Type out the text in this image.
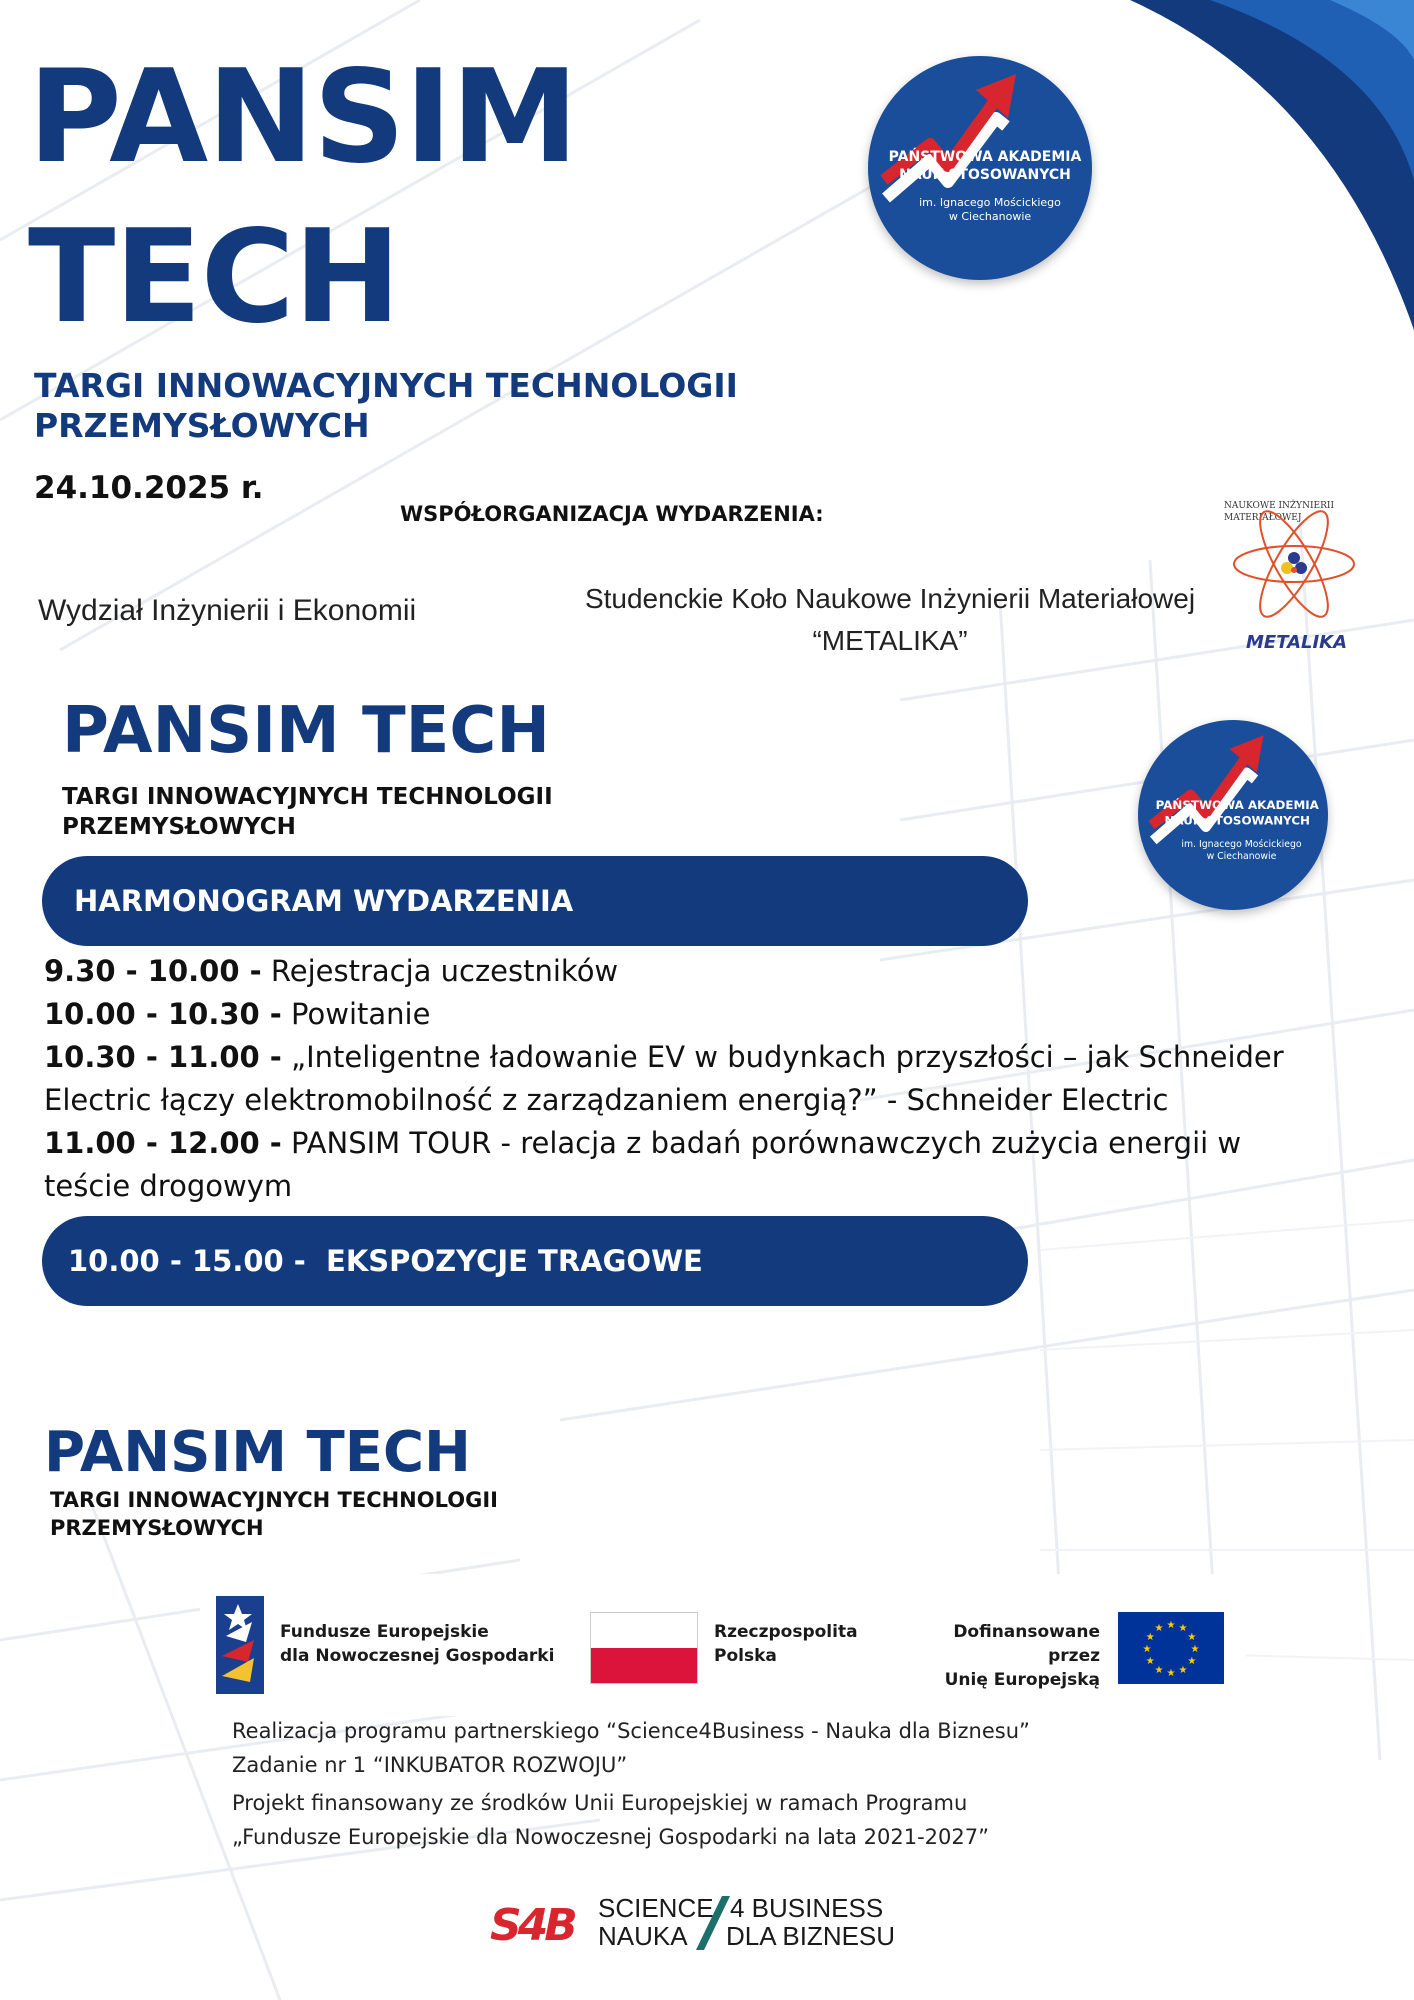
PANSIM
TECH
TARGI INNOWACYJNYCH TECHNOLOGII
PRZEMYSŁOWYCH
24.10.2025 r.
PAŃSTWOWA AKADEMIA
NAUK STOSOWANYCH
im. Ignacego Mościckiego
w Ciechanowie
WSPÓŁORGANIZACJA WYDARZENIA:
Wydział Inżynierii i Ekonomii	Studenckie Koło Naukowe Inżynierii Materiałowej
“METALIKA”
NAUKOWE INŻYNIERII
MATERIAŁOWEJ
METALIKA
PANSIM TECH
TARGI INNOWACYJNYCH TECHNOLOGII
PRZEMYSŁOWYCH
PAŃSTWOWA AKADEMIA
NAUK STOSOWANYCH
im. Ignacego Mościckiego
w Ciechanowie
HARMONOGRAM WYDARZENIA

9.30 - 10.00 - Rejestracja uczestników

10.00 - 10.30 - Powitanie

10.30 - 11.00 - „Inteligentne ładowanie EV w budynkach przyszłości – jak Schneider Electric łączy elektromobilność z zarządzaniem energią?” - Schneider Electric

11.00 - 12.00 - PANSIM TOUR - relacja z badań porównawczych zużycia energii w teście drogowym

10.00 - 15.00 -  EKSPOZYCJE TRAGOWE
PANSIM TECH
TARGI INNOWACYJNYCH TECHNOLOGII
PRZEMYSŁOWYCH
Fundusze Europejskie
dla Nowoczesnej Gospodarki
Rzeczpospolita
Polska
Dofinansowane przez
Unię Europejską
★
★
★
★
★
★
★
★
★ ★ ★
★

Realizacja programu partnerskiego “Science4Business - Nauka dla Biznesu”

Zadanie nr 1 “INKUBATOR ROZWOJU”

Projekt finansowany ze środków Unii Europejskiej w ramach Programu

„Fundusze Europejskie dla Nowoczesnej Gospodarki na lata 2021-2027”

S4B SCIENCE
NAUKA
4 BUSINESS
DLA BIZNESU
